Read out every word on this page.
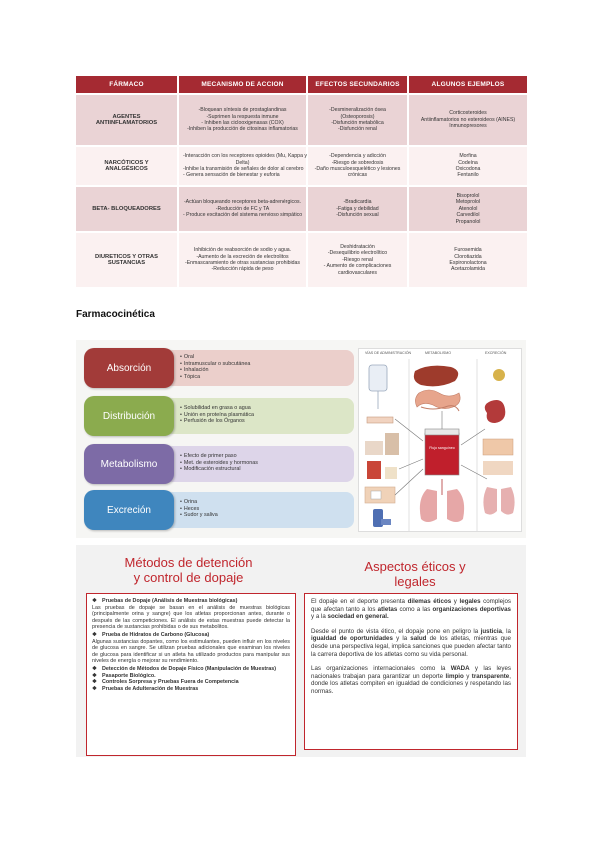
FÁRMACO	MECANISMO DE ACCION	EFECTOS SECUNDARIOS	ALGUNOS EJEMPLOS

AGENTES
ANTIINFLAMATORIOS	-Bloquean síntesis de prostaglandinas
-Suprimen la respuesta inmune
- Inhiben las ciclooxigenasas (COX)
-Inhiben la producción de citosinas inflamatorias	-Desmineralización ósea
(Osteoporosis)
-Disfunción metabólica
-Disfunción renal	Corticosteroides
Antiinflamatorios no esteroideos (AINES)
Inmunopresores

NARCÓTICOS Y
ANALGÉSICOS	-Interacción con los receptores opioides (Mu, Kappa y
Delta)
-Inhibe la transmisión de señales de dolor al cerebro
- Genera sensación de bienestar y euforia	-Dependencia y adicción
-Riesgo de sobredosis
-Daño musculoesquelético y lesiones
crónicas	Morfina
Codeína
Oxicodona
Fentanilo

BETA- BLOQUEADORES	-Actúan bloqueando receptores beta-adrenérgicos.
-Reducción de FC y TA
- Produce excitación del sistema nervioso simpático	-Bradicardia
-Fatiga y debilidad
-Disfunción sexual	Bisoprolol
Metoprolol
Atenolol
Carvedilol
Propanolol

DIURETICOS Y OTRAS
SUSTANCIAS	Inhibición de reabsorción de sodio y agua.
-Aumento de la excreción de electrolitos
-Enmascaramiento de otras sustancias prohibidas
-Reducción rápida de peso	Deshidratación
-Desequilibrio electrolítico
-Riesgo renal
- Aumento de complicaciones
cardiovasculares	Furosemida
Clorotiazida
Espironolactona
Acetazolamida
Farmacocinética
• Oral
• Intramuscular o subcutánea
• Inhalación
• Tópica
Absorción
• Solubilidad en grasa o agua
• Unión en proteína plasmática
• Perfusión de los Órganos
Distribución
• Efecto de primer paso
• Met. de esteroides y hormonas
• Modificación estructural
Metabolismo
• Orina
• Heces
• Sudor y saliva
Excreción
VÍAS DE ADMINISTRACIÓN	METABOLISMO	EXCRECIÓN
Flujo sanguíneo
Métodos de detención
y control de dopaje
Aspectos éticos y
legales
❖ Pruebas de Dopaje (Análisis de Muestras biológicas)
Las pruebas de dopaje se basan en el análisis de muestras biológicas (principalmente orina y sangre) que los atletas proporcionan antes, durante o después de las competiciones. El análisis de estas muestras puede detectar la presencia de sustancias prohibidas o de sus metabolitos.
❖ Prueba de Hidratos de Carbono (Glucosa)
Algunas sustancias dopantes, como los estimulantes, pueden influir en los niveles de glucosa en sangre. Se utilizan pruebas adicionales que examinan los niveles de glucosa para identificar si un atleta ha utilizado productos para manipular sus niveles de energía o mejorar su rendimiento.
❖ Detección de Métodos de Dopaje Físico (Manipulación de Muestras)
❖ Pasaporte Biológico.
❖ Controles Sorpresa y Pruebas Fuera de Competencia
❖ Pruebas de Adulteración de Muestras
El dopaje en el deporte presenta dilemas éticos y legales complejos que afectan tanto a los atletas como a las organizaciones deportivas y a la sociedad en general.
Desde el punto de vista ético, el dopaje pone en peligro la justicia, la igualdad de oportunidades y la salud de los atletas, mientras que desde una perspectiva legal, implica sanciones que pueden afectar tanto la carrera deportiva de los atletas como su vida personal.
Las organizaciones internacionales como la WADA y las leyes nacionales trabajan para garantizar un deporte limpio y transparente, donde los atletas compiten en igualdad de condiciones y respetando las normas.
